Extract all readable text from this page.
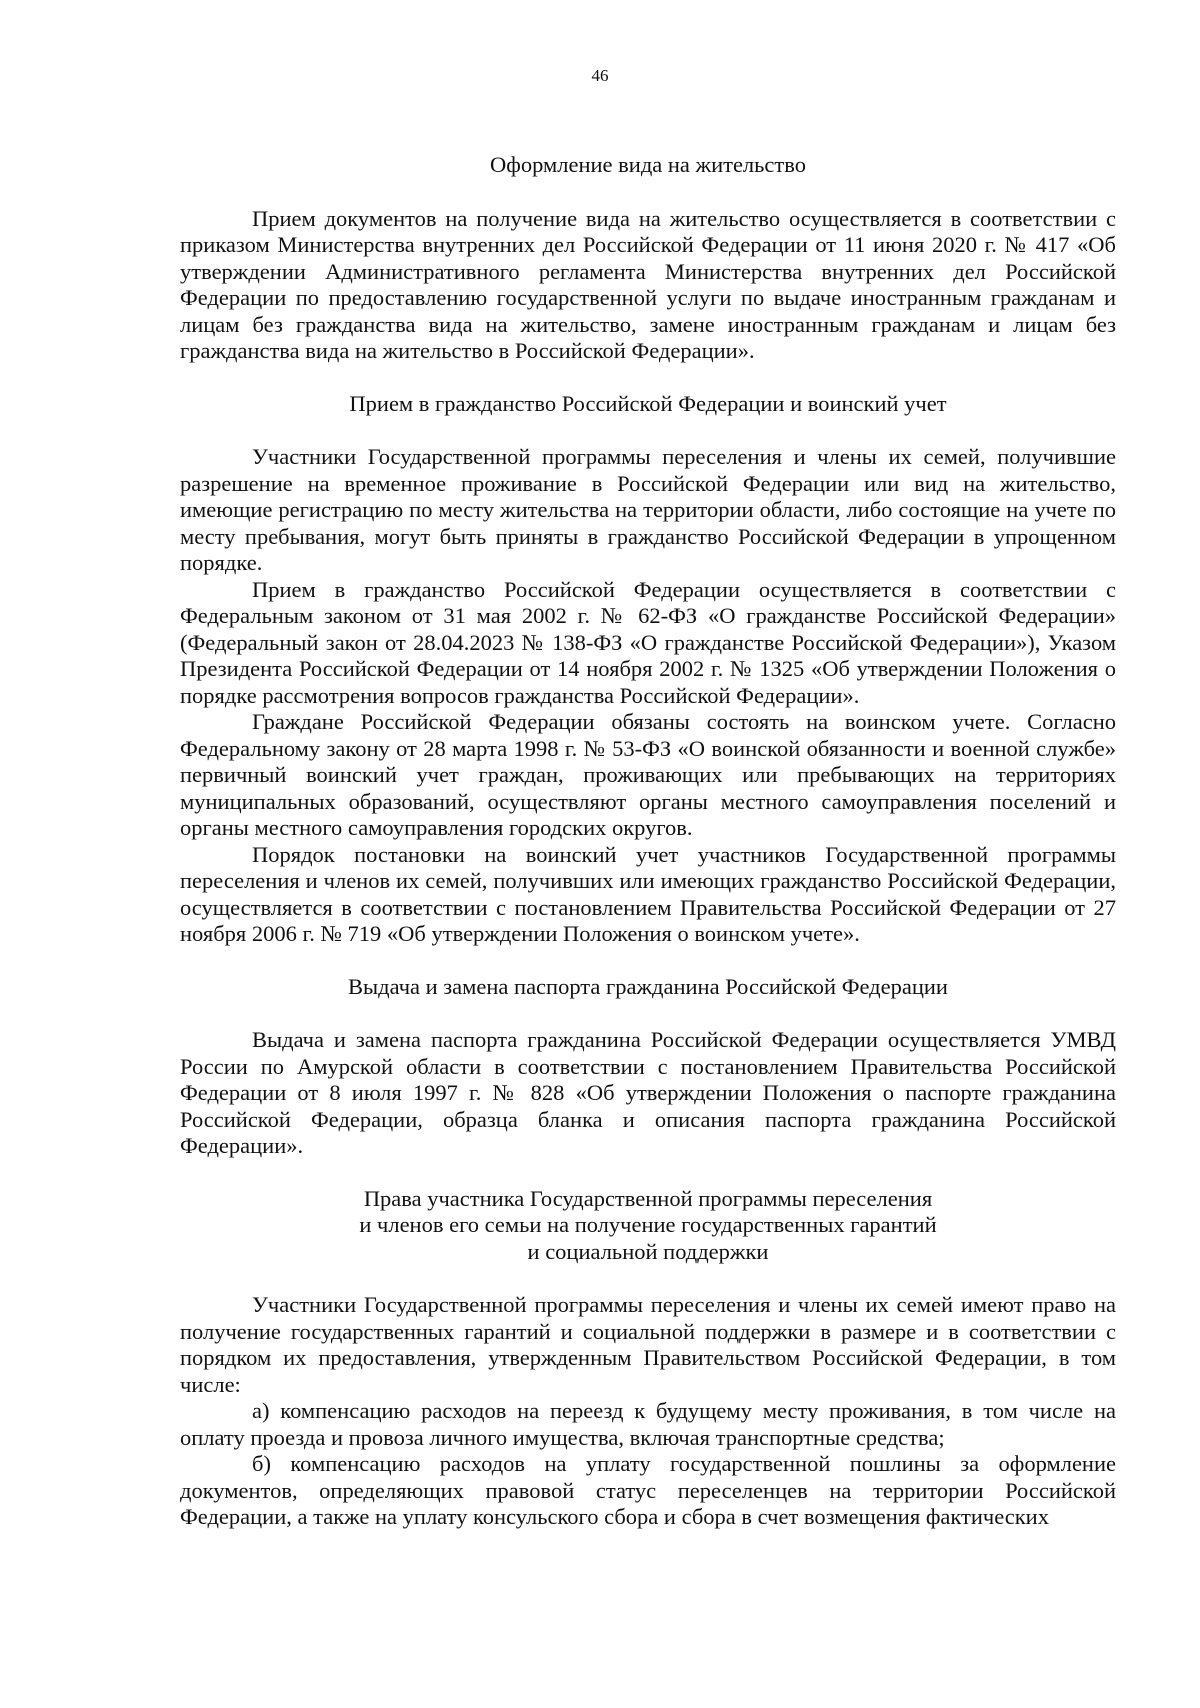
46

Оформление вида на жительство

Прием документов на получение вида на жительство осуществляется в соответствии с приказом Министерства внутренних дел Российской Федерации от 11 июня 2020 г. № 417 «Об утверждении Административного регламента Министерства внутренних дел Российской Федерации по предоставлению государственной услуги по выдаче иностранным гражданам и лицам без гражданства вида на жительство, замене иностранным гражданам и лицам без гражданства вида на жительство в Российской Федерации».

Прием в гражданство Российской Федерации и воинский учет

Участники Государственной программы переселения и члены их семей, получившие разрешение на временное проживание в Российской Федерации или вид на жительство, имеющие регистрацию по месту жительства на территории области, либо состоящие на учете по месту пребывания, могут быть приняты в гражданство Российской Федерации в упрощенном порядке.

Прием в гражданство Российской Федерации осуществляется в соответствии с Федеральным законом от 31 мая 2002 г. № 62-ФЗ «О гражданстве Российской Федерации» (Федеральный закон от 28.04.2023 № 138-ФЗ «О гражданстве Российской Федерации»), Указом Президента Российской Федерации от 14 ноября 2002 г. № 1325 «Об утверждении Положения о порядке рассмотрения вопросов гражданства Российской Федерации».

Граждане Российской Федерации обязаны состоять на воинском учете. Согласно Федеральному закону от 28 марта 1998 г. № 53-ФЗ «О воинской обязанности и военной службе» первичный воинский учет граждан, проживающих или пребывающих на территориях муниципальных образований, осуществляют органы местного самоуправления поселений и органы местного самоуправления городских округов.

Порядок постановки на воинский учет участников Государственной программы переселения и членов их семей, получивших или имеющих гражданство Российской Федерации, осуществляется в соответствии с постановлением Правительства Российской Федерации от 27 ноября 2006 г. № 719 «Об утверждении Положения о воинском учете».

Выдача и замена паспорта гражданина Российской Федерации

Выдача и замена паспорта гражданина Российской Федерации осуществляется УМВД России по Амурской области в соответствии с постановлением Правительства Российской Федерации от 8 июля 1997 г. № 828 «Об утверждении Положения о паспорте гражданина Российской Федерации, образца бланка и описания паспорта гражданина Российской Федерации».

Права участника Государственной программы переселения

и членов его семьи на получение государственных гарантий

и социальной поддержки

Участники Государственной программы переселения и члены их семей имеют право на получение государственных гарантий и социальной поддержки в размере и в соответствии с порядком их предоставления, утвержденным Правительством Российской Федерации, в том числе:

а) компенсацию расходов на переезд к будущему месту проживания, в том числе на оплату проезда и провоза личного имущества, включая транспортные средства;

б) компенсацию расходов на уплату государственной пошлины за оформление документов, определяющих правовой статус переселенцев на территории Российской Федерации, а также на уплату консульского сбора и сбора в счет возмещения фактических
